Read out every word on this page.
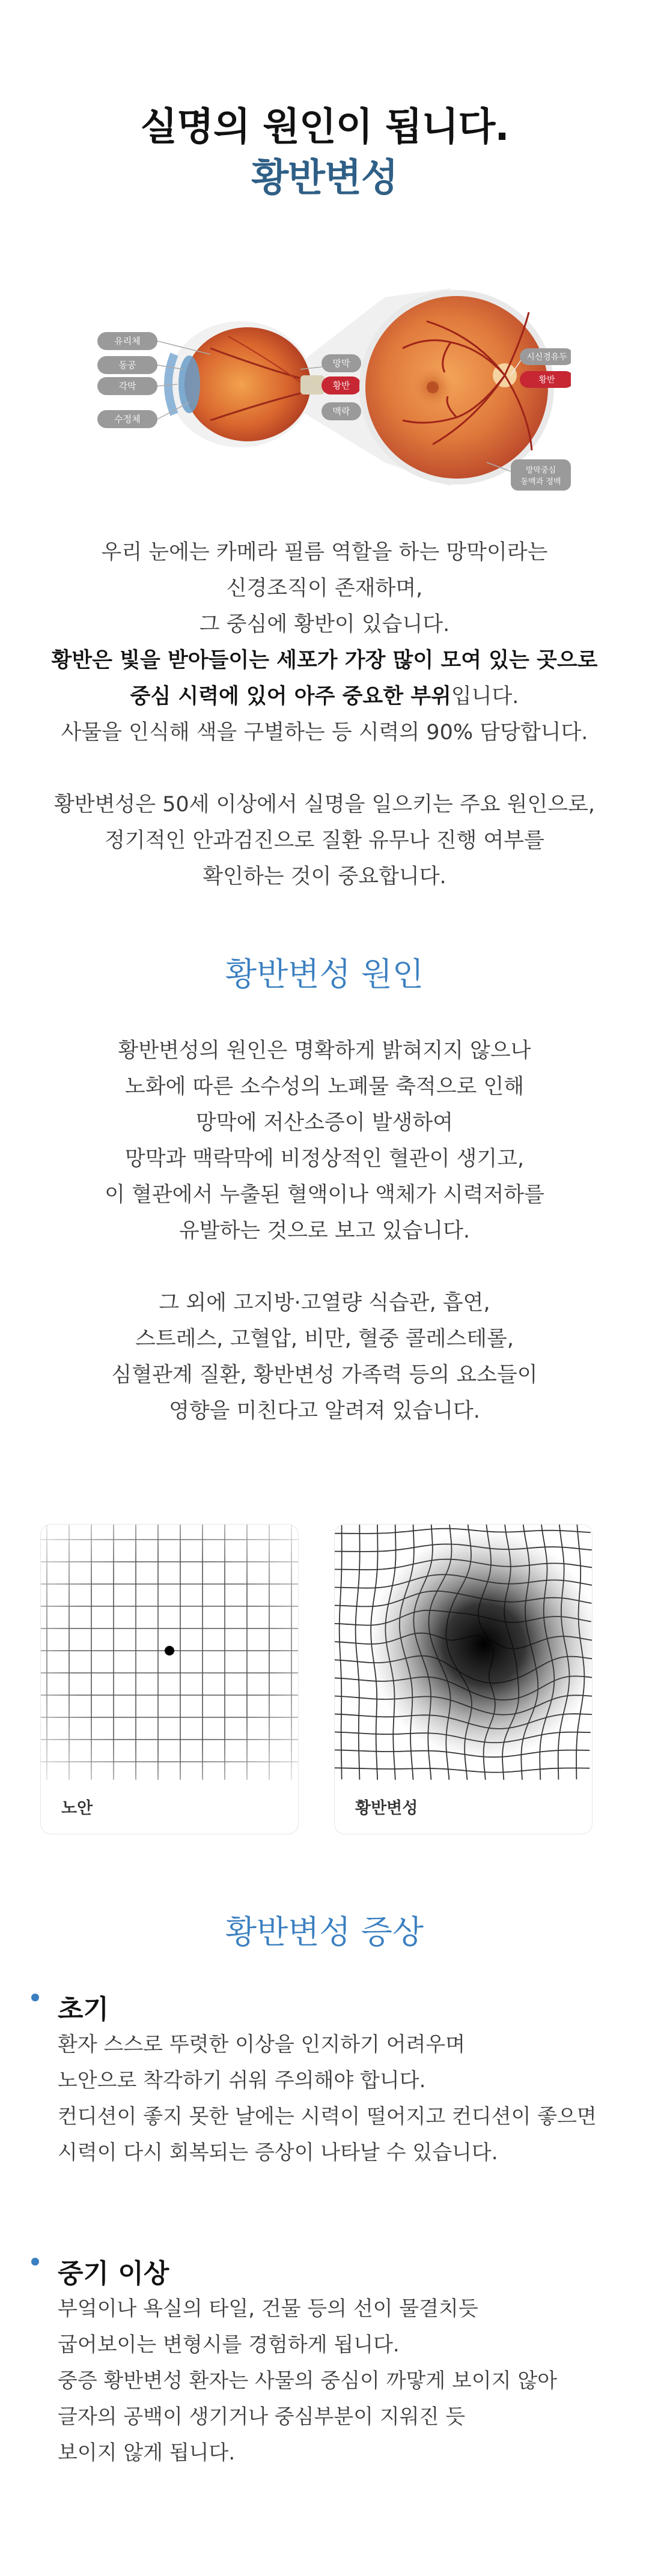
실명의 원인이 됩니다.
황반변성
유리체
동공
각막
수정체
망막
황반
맥락
시신경유두
황반
망막중심
동맥과 정맥

우리 눈에는 카메라 필름 역할을 하는 망막이라는

신경조직이 존재하며,

그 중심에 황반이 있습니다.

황반은 빛을 받아들이는 세포가 가장 많이 모여 있는 곳으로

중심 시력에 있어 아주 중요한 부위입니다.

사물을 인식해 색을 구별하는 등 시력의 90% 담당합니다.

황반변성은 50세 이상에서 실명을 일으키는 주요 원인으로,

정기적인 안과검진으로 질환 유무나 진행 여부를

확인하는 것이 중요합니다.

황반변성 원인

황반변성의 원인은 명확하게 밝혀지지 않으나

노화에 따른 소수성의 노폐물 축적으로 인해

망막에 저산소증이 발생하여

망막과 맥락막에 비정상적인 혈관이 생기고,

이 혈관에서 누출된 혈액이나 액체가 시력저하를

유발하는 것으로 보고 있습니다.

그 외에 고지방·고열량 식습관, 흡연,

스트레스, 고혈압, 비만, 혈중 콜레스테롤,

심혈관계 질환, 황반변성 가족력 등의 요소들이

영향을 미친다고 알려져 있습니다.

노안	황반변성
황반변성 증상
초기

환자 스스로 뚜렷한 이상을 인지하기 어려우며

노안으로 착각하기 쉬워 주의해야 합니다.

컨디션이 좋지 못한 날에는 시력이 떨어지고 컨디션이 좋으면

시력이 다시 회복되는 증상이 나타날 수 있습니다.

중기 이상

부엌이나 욕실의 타일, 건물 등의 선이 물결치듯

굽어보이는 변형시를 경험하게 됩니다.

중증 황반변성 환자는 사물의 중심이 까맣게 보이지 않아

글자의 공백이 생기거나 중심부분이 지워진 듯

보이지 않게 됩니다.
